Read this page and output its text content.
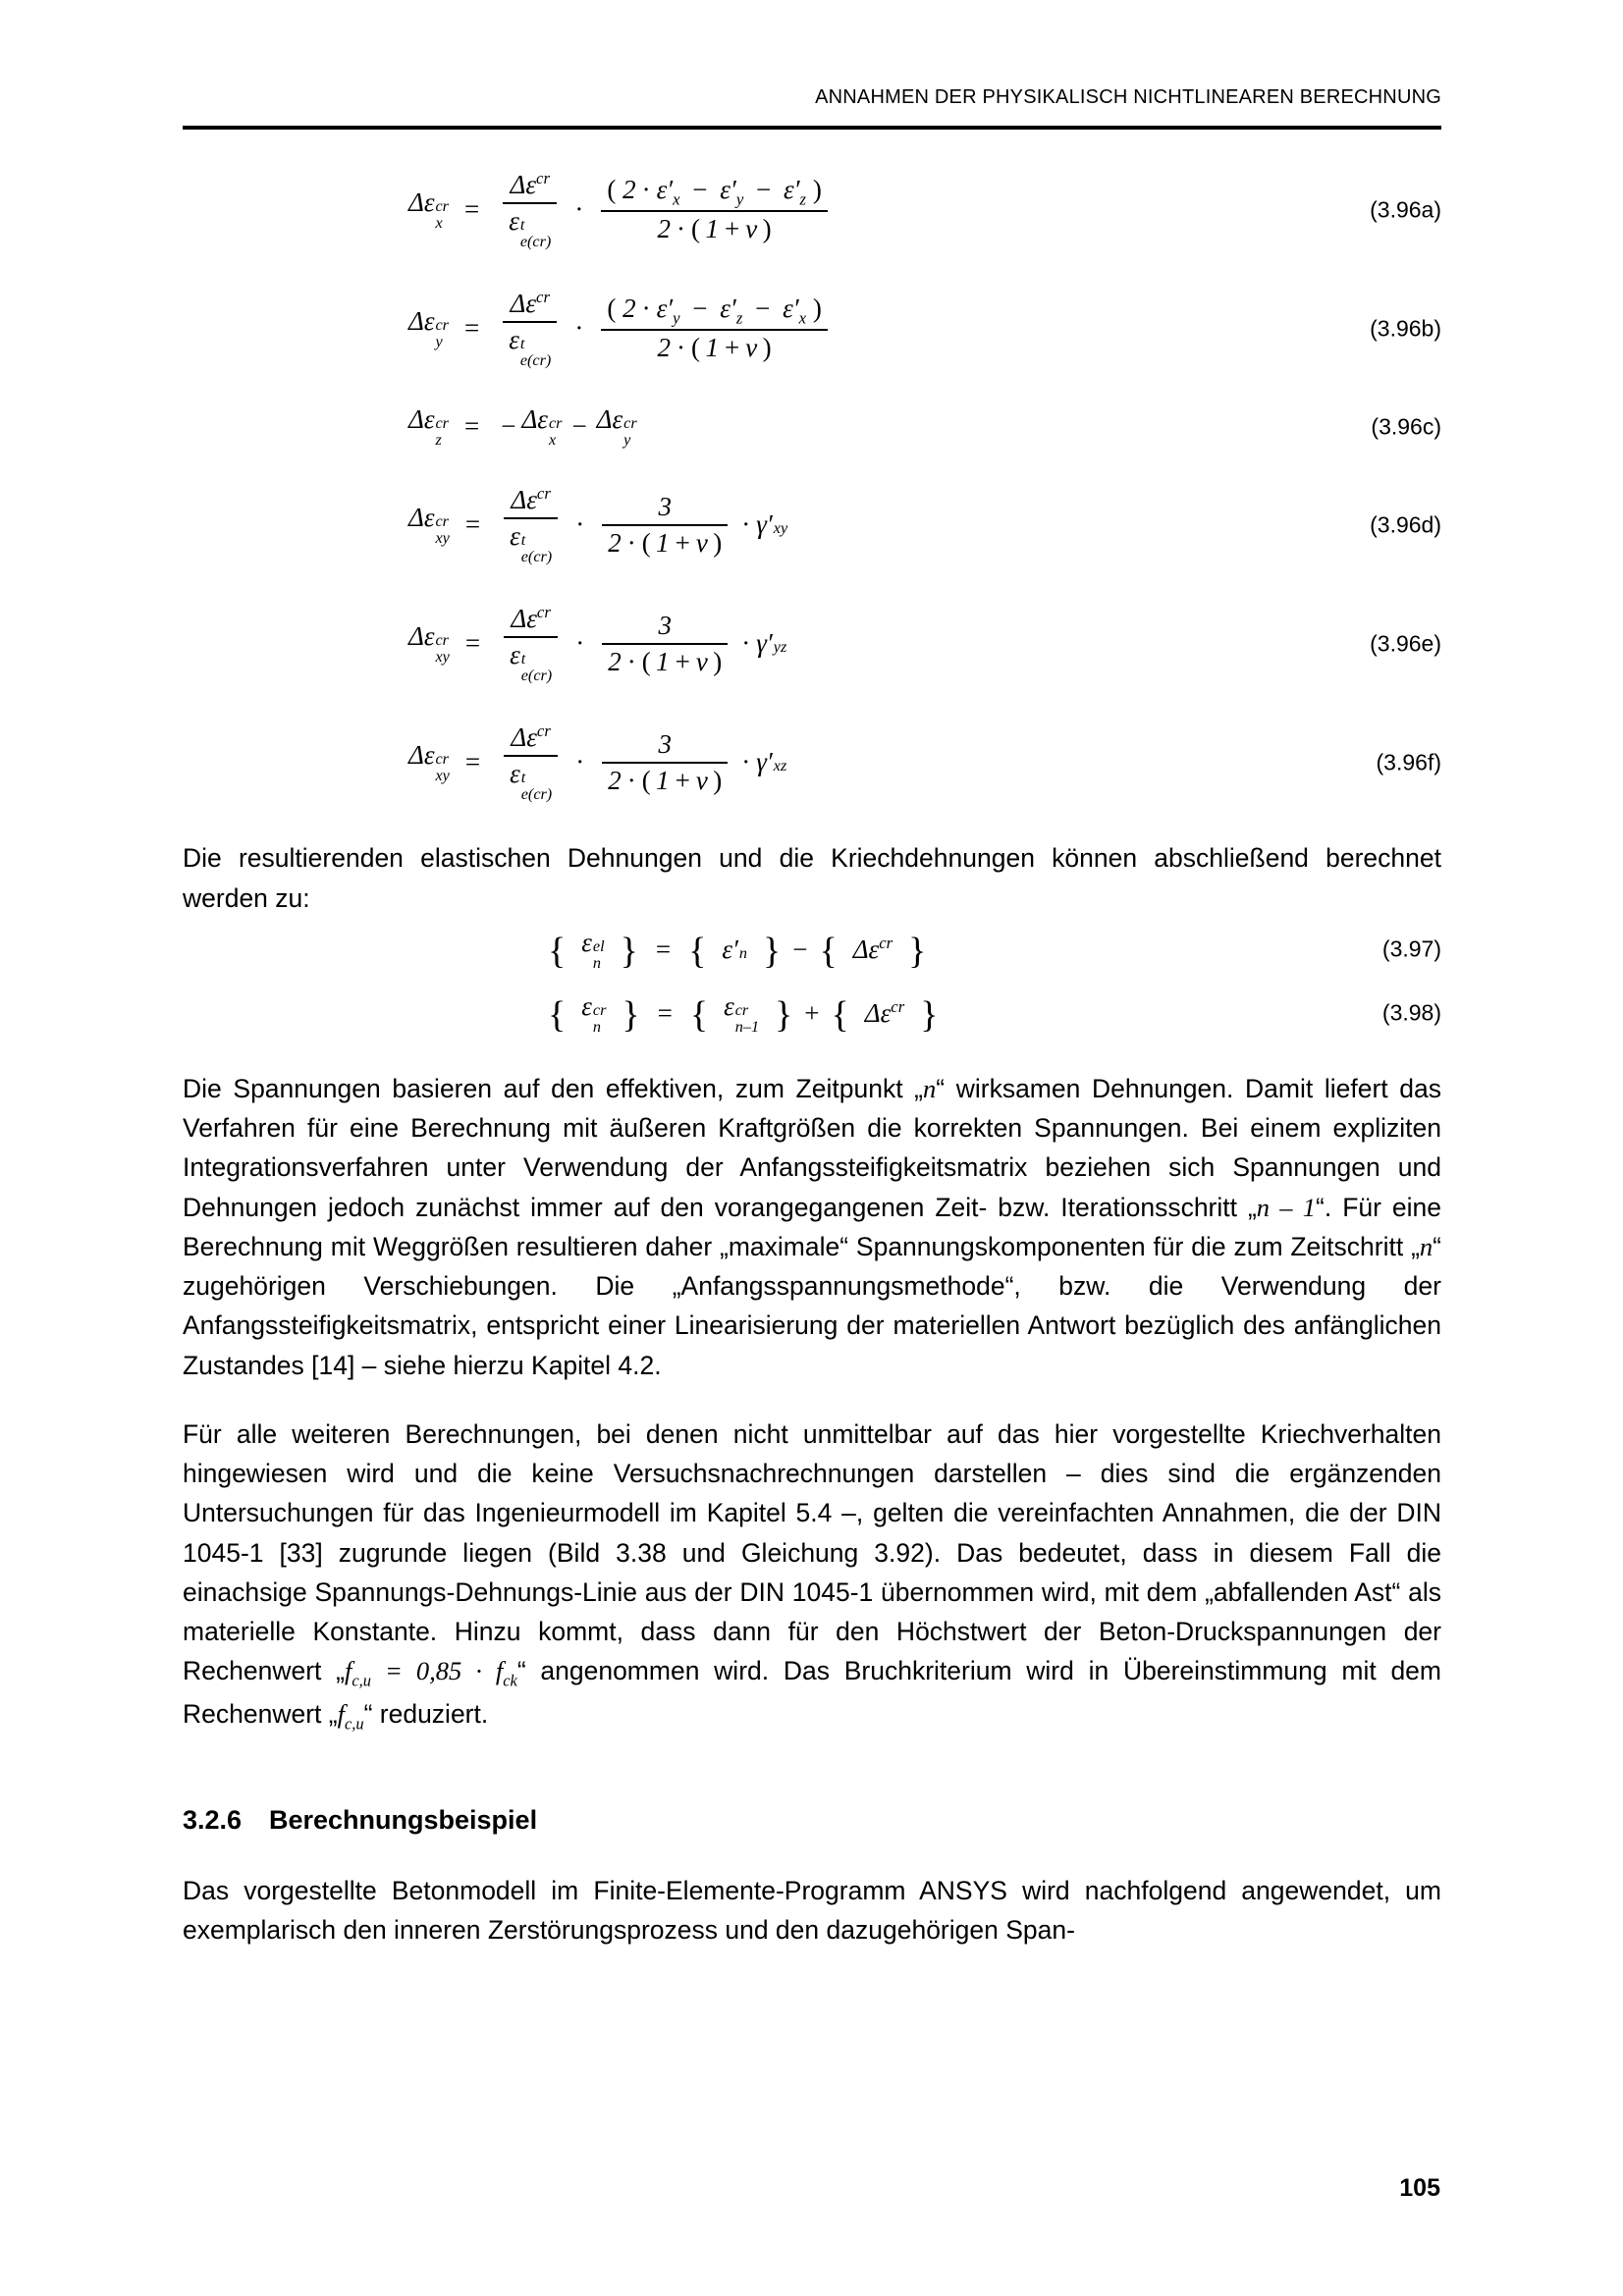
ANNAHMEN DER PHYSIKALISCH NICHTLINEAREN BERECHNUNG
Δε cr
$x = \Delta\varepsilon^{cr}$
ε t
$e(cr) \cdot \frac{( 2 \cdot \varepsilon'_x - \varepsilon'_y - \varepsilon'_z )}{2 \cdot ( 1 + \nu )}$	(3.96a)
Δε cr
$y = \Delta\varepsilon^{cr}$
ε t
$e(cr) \cdot \frac{( 2 \cdot \varepsilon'_y - \varepsilon'_z - \varepsilon'_x )}{2 \cdot ( 1 + \nu )}$	(3.96b)
Δε cr
z = − Δε cr
x − Δε cr
y
(3.96c)
Δε cr
xy = $\Delta\varepsilon^{cr}$
ε t
$e(cr) \cdot \frac{3}{2 \cdot ( 1 + \nu )} \cdot \gamma'$ xy	(3.96d)
Δε cr
xy = $\Delta\varepsilon^{cr}$
ε t
$e(cr) \cdot \frac{3}{2 \cdot ( 1 + \nu )} \cdot \gamma'$ yz	(3.96e)
Δε cr
xy = $\Delta\varepsilon^{cr}$
ε t
$e(cr) \cdot \frac{3}{2 \cdot ( 1 + \nu )} \cdot \gamma'$ xz	(3.96f)

Die resultierenden elastischen Dehnungen und die Kriechdehnungen können abschließend berechnet werden zu:

{ ε el
n } = { ε′ n } − { $\Delta\varepsilon^{cr}$ }	(3.97)
{ ε cr
n } = { ε cr
n–1 } + { $\Delta\varepsilon^{cr}$ }	(3.98)

Die Spannungen basieren auf den effektiven, zum Zeitpunkt „n“ wirksamen Dehnungen. Damit liefert das Verfahren für eine Berechnung mit äußeren Kraftgrößen die korrekten Spannungen. Bei einem expliziten Integrationsverfahren unter Verwendung der Anfangssteifigkeitsmatrix beziehen sich Spannungen und Dehnungen jedoch zunächst immer auf den vorangegangenen Zeit- bzw. Iterationsschritt „n – 1“. Für eine Berechnung mit Weggrößen resultieren daher „maximale“ Spannungskomponenten für die zum Zeitschritt „n“ zugehörigen Verschiebungen. Die „Anfangsspannungsmethode“, bzw. die Verwendung der Anfangssteifigkeitsmatrix, entspricht einer Linearisierung der materiellen Antwort bezüglich des anfänglichen Zustandes [14] – siehe hierzu Kapitel 4.2.

Für alle weiteren Berechnungen, bei denen nicht unmittelbar auf das hier vorgestellte Kriechverhalten hingewiesen wird und die keine Versuchsnachrechnungen darstellen – dies sind die ergänzenden Untersuchungen für das Ingenieurmodell im Kapitel 5.4 –, gelten die vereinfachten Annahmen, die der DIN 1045-1 [33] zugrunde liegen (Bild 3.38 und Gleichung 3.92). Das bedeutet, dass in diesem Fall die einachsige Spannungs-Dehnungs-Linie aus der DIN 1045-1 übernommen wird, mit dem „abfallenden Ast“ als materielle Konstante. Hinzu kommt, dass dann für den Höchstwert der Beton-Druckspannungen der Rechenwert $„f_{c,u} = 0,85$ · $f_{ck}“$ angenommen wird. Das Bruchkriterium wird in Übereinstimmung mit dem Rechenwert $„f_{c,u}“$ reduziert.

3.2.6 Berechnungsbeispiel

Das vorgestellte Betonmodell im Finite-Elemente-Programm ANSYS wird nachfolgend angewendet, um exemplarisch den inneren Zerstörungsprozess und den dazugehörigen Span-

105
